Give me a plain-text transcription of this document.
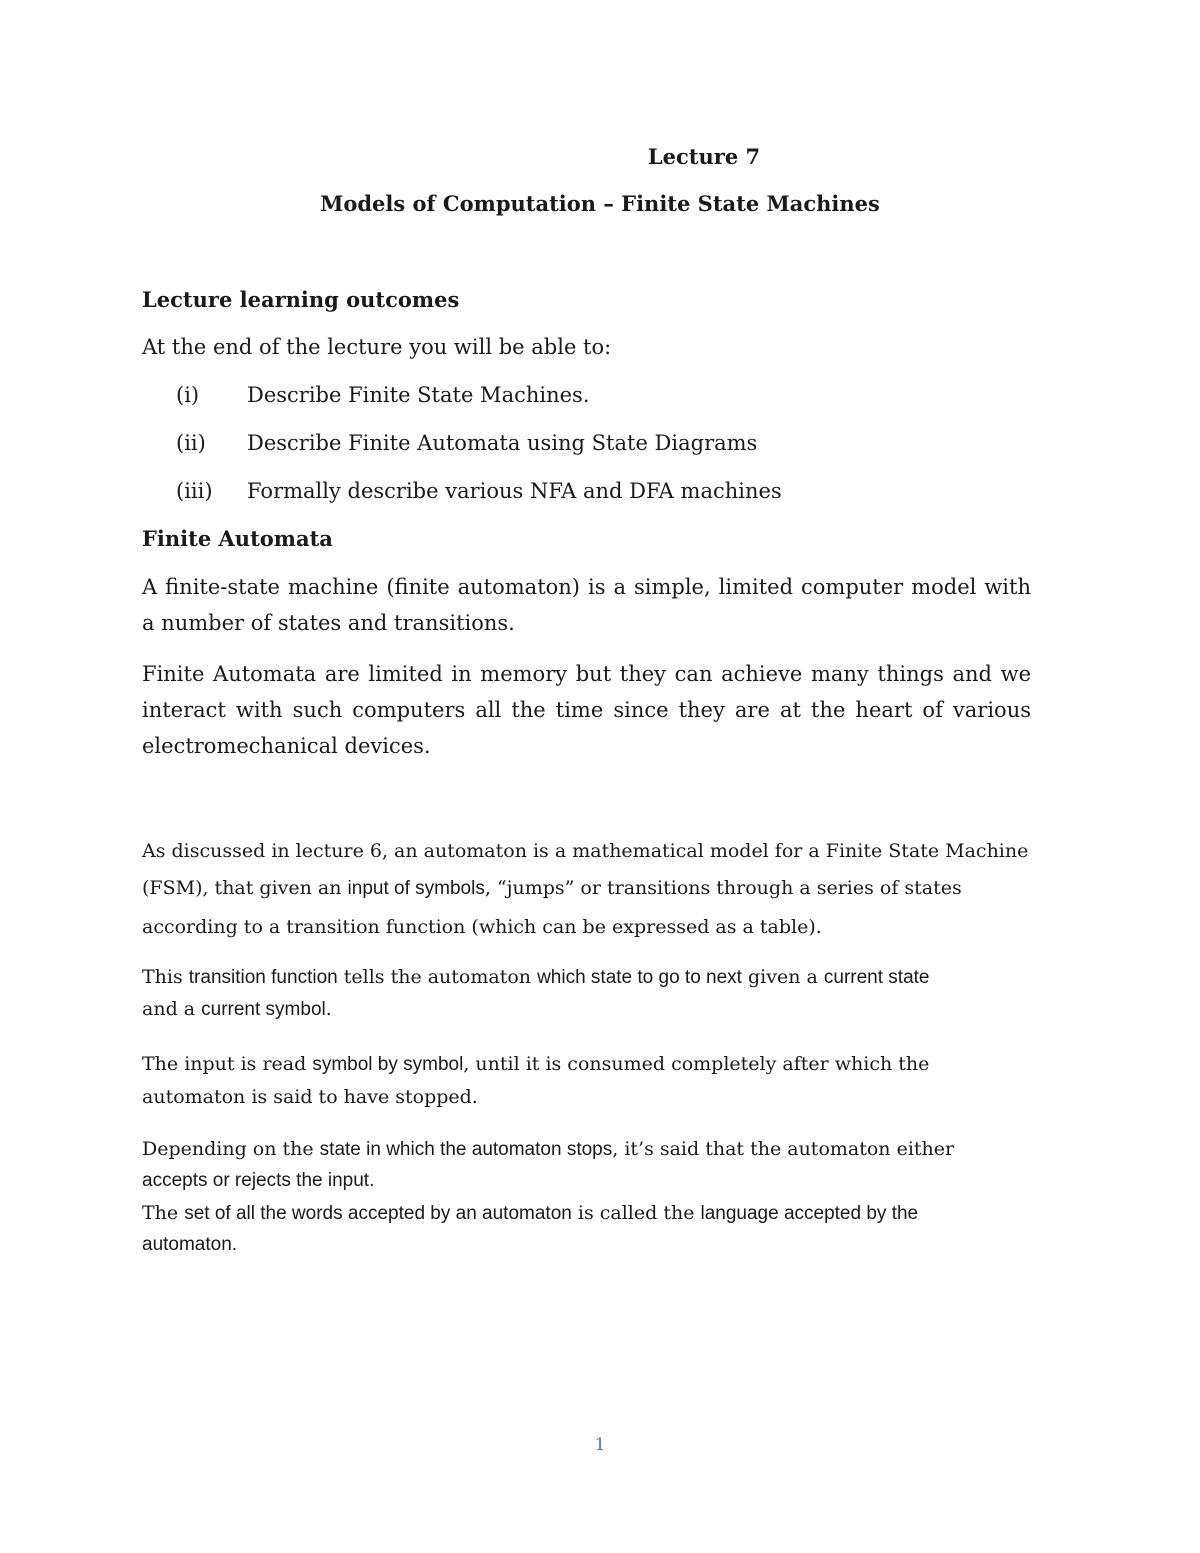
Lecture 7
Models of Computation – Finite State Machines
Lecture learning outcomes
At the end of the lecture you will be able to:
(i) Describe Finite State Machines.
(ii) Describe Finite Automata using State Diagrams
(iii) Formally describe various NFA and DFA machines
Finite Automata

A finite-state machine (finite automaton) is a simple, limited computer model with a number of states and transitions.

Finite Automata are limited in memory but they can achieve many things and we interact with such computers all the time since they are at the heart of various electromechanical devices.

As discussed in lecture 6, an automaton is a mathematical model for a Finite State Machine
(FSM), that given an input of symbols, “jumps” or transitions through a series of states
according to a transition function (which can be expressed as a table).
This transition function tells the automaton which state to go to next given a current state
and a current symbol.
The input is read symbol by symbol, until it is consumed completely after which the
automaton is said to have stopped.
Depending on the state in which the automaton stops, it’s said that the automaton either
accepts or rejects the input.
The set of all the words accepted by an automaton is called the language accepted by the
automaton.
1
